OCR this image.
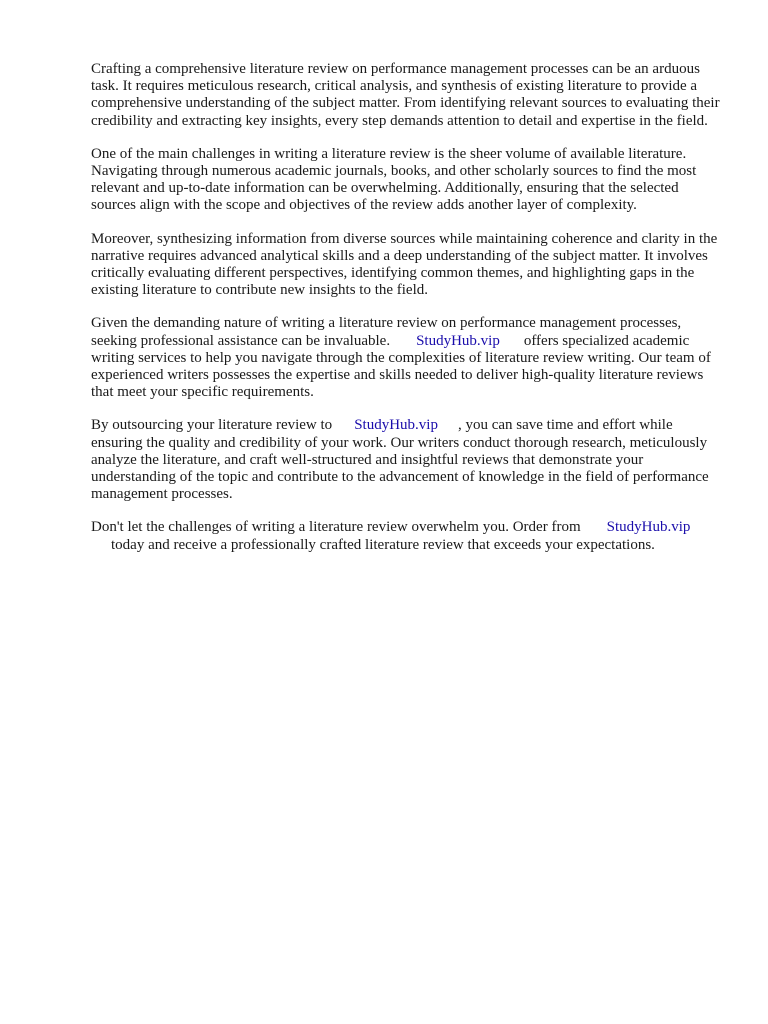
Crafting a comprehensive literature review on performance management processes can be an arduous task. It requires meticulous research, critical analysis, and synthesis of existing literature to provide a comprehensive understanding of the subject matter. From identifying relevant sources to evaluating their credibility and extracting key insights, every step demands attention to detail and expertise in the field.

One of the main challenges in writing a literature review is the sheer volume of available literature. Navigating through numerous academic journals, books, and other scholarly sources to find the most relevant and up-to-date information can be overwhelming. Additionally, ensuring that the selected sources align with the scope and objectives of the review adds another layer of complexity.

Moreover, synthesizing information from diverse sources while maintaining coherence and clarity in the narrative requires advanced analytical skills and a deep understanding of the subject matter. It involves critically evaluating different perspectives, identifying common themes, and highlighting gaps in the existing literature to contribute new insights to the field.

Given the demanding nature of writing a literature review on performance management processes, seeking professional assistance can be invaluable. StudyHub.vip offers specialized academic writing services to help you navigate through the complexities of literature review writing. Our team of experienced writers possesses the expertise and skills needed to deliver high-quality literature reviews that meet your specific requirements.

By outsourcing your literature review to StudyHub.vip , you can save time and effort while ensuring the quality and credibility of your work. Our writers conduct thorough research, meticulously analyze the literature, and craft well-structured and insightful reviews that demonstrate your understanding of the topic and contribute to the advancement of knowledge in the field of performance management processes.

Don't let the challenges of writing a literature review overwhelm you. Order from StudyHub.vip
today and receive a professionally crafted literature review that exceeds your expectations.
